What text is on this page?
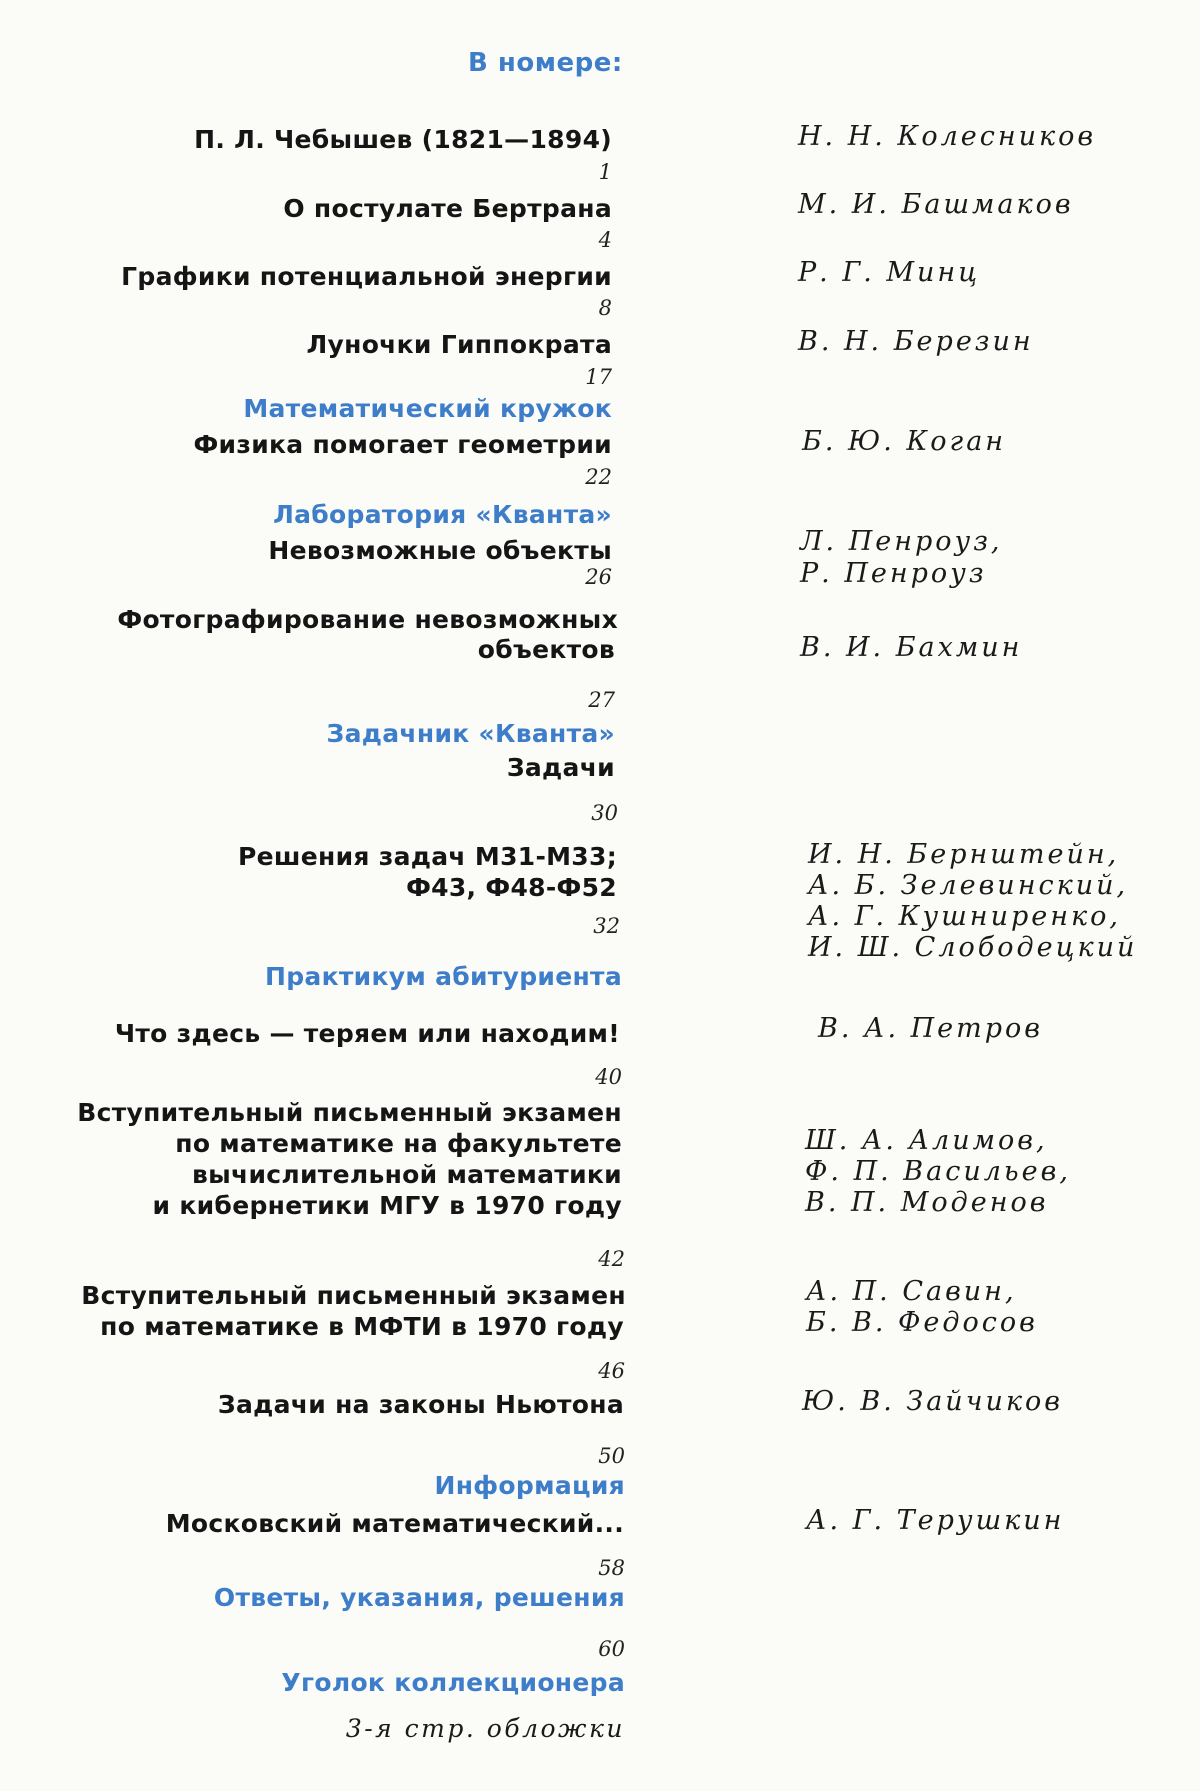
В номере:
П. Л. Чебышев (1821—1894)
1
Н. Н. Колесников
О постулате Бертрана
4
М. И. Башмаков
Графики потенциальной энергии
8
Р. Г. Минц
Луночки Гиппократа
17
В. Н. Березин
Математический кружок
Физика помогает геометрии
22
Б. Ю. Коган
Лаборатория «Кванта»
Невозможные объекты
26
Л. Пенроуз,
Р. Пенроуз
Фотографирование невозможных
объектов
27
В. И. Бахмин
Задачник «Кванта»
Задачи
30
Решения задач М31-М33;
Ф43, Ф48-Ф52
32
И. Н. Бернштейн,
А. Б. Зелевинский,
А. Г. Кушниренко,
И. Ш. Слободецкий
Практикум абитуриента
Что здесь — теряем или находим!
40
В. А. Петров
Вступительный письменный экзамен
по математике на факультете
вычислительной математики
и кибернетики МГУ в 1970 году
42
Ш. А. Алимов,
Ф. П. Васильев,
В. П. Моденов
Вступительный письменный экзамен
по математике в МФТИ в 1970 году
46
А. П. Савин,
Б. В. Федосов
Задачи на законы Ньютона
50
Ю. В. Зайчиков
Информация
Московский математический...
58
А. Г. Терушкин
Ответы, указания, решения
60
Уголок коллекционера
3-я стр. обложки
